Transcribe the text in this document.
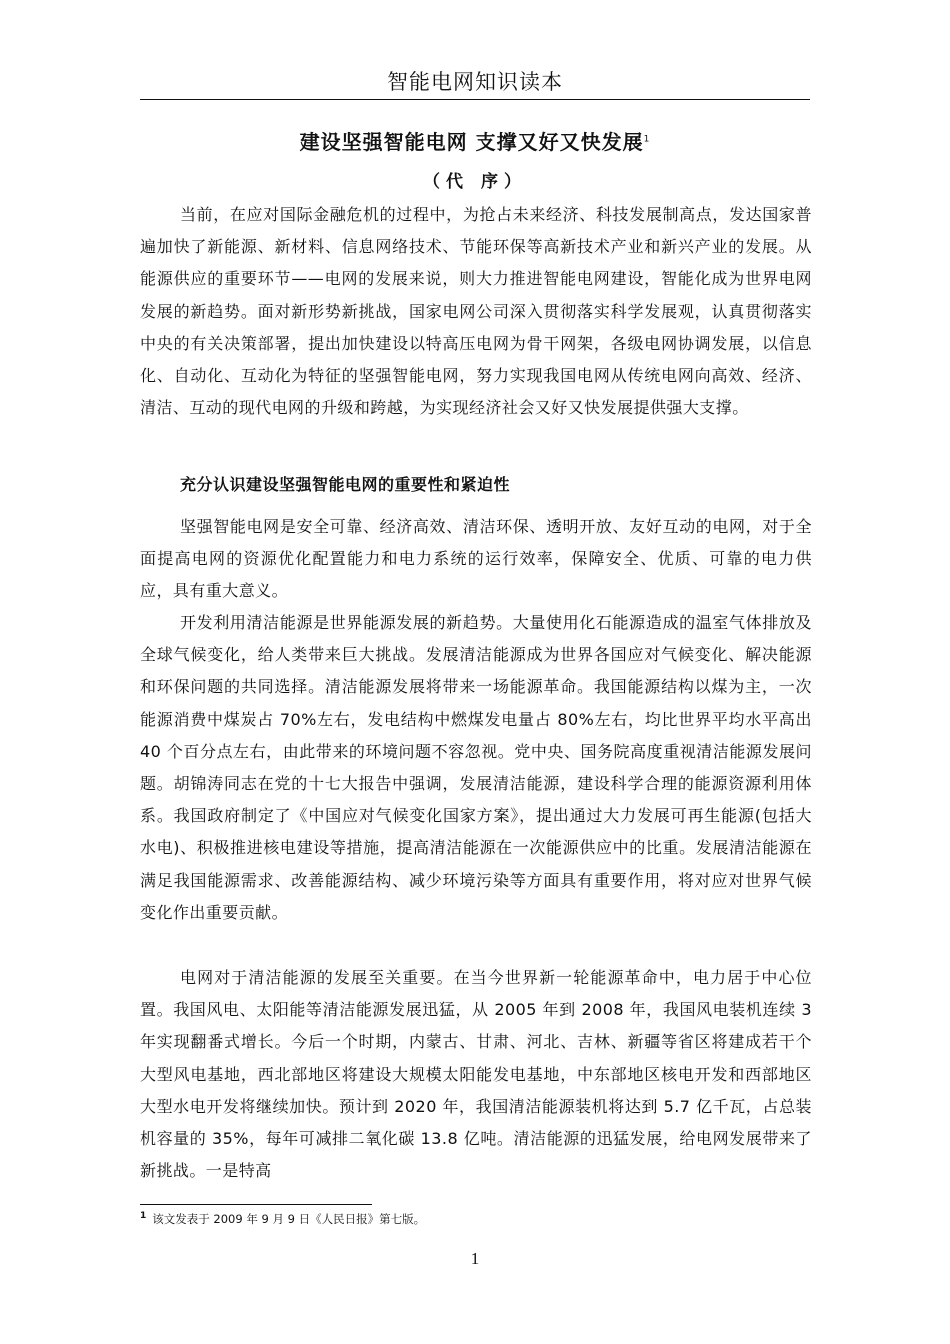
智能电网知识读本
建设坚强智能电网 支撑又好又快发展$^1$
（代 序）

当前，在应对国际金融危机的过程中，为抢占未来经济、科技发展制高点，发达国家普遍加快了新能源、新材料、信息网络技术、节能环保等高新技术产业和新兴产业的发展。从能源供应的重要环节——电网的发展来说，则大力推进智能电网建设，智能化成为世界电网发展的新趋势。面对新形势新挑战，国家电网公司深入贯彻落实科学发展观，认真贯彻落实中央的有关决策部署，提出加快建设以特高压电网为骨干网架，各级电网协调发展，以信息化、自动化、互动化为特征的坚强智能电网，努力实现我国电网从传统电网向高效、经济、清洁、互动的现代电网的升级和跨越，为实现经济社会又好又快发展提供强大支撑。

充分认识建设坚强智能电网的重要性和紧迫性

坚强智能电网是安全可靠、经济高效、清洁环保、透明开放、友好互动的电网，对于全面提高电网的资源优化配置能力和电力系统的运行效率，保障安全、优质、可靠的电力供应，具有重大意义。

开发利用清洁能源是世界能源发展的新趋势。大量使用化石能源造成的温室气体排放及全球气候变化，给人类带来巨大挑战。发展清洁能源成为世界各国应对气候变化、解决能源和环保问题的共同选择。清洁能源发展将带来一场能源革命。我国能源结构以煤为主，一次能源消费中煤炭占 70%左右，发电结构中燃煤发电量占 80%左右，均比世界平均水平高出 40 个百分点左右，由此带来的环境问题不容忽视。党中央、国务院高度重视清洁能源发展问题。胡锦涛同志在党的十七大报告中强调，发展清洁能源，建设科学合理的能源资源利用体系。我国政府制定了《中国应对气候变化国家方案》，提出通过大力发展可再生能源(包括大水电)、积极推进核电建设等措施，提高清洁能源在一次能源供应中的比重。发展清洁能源在满足我国能源需求、改善能源结构、减少环境污染等方面具有重要作用，将对应对世界气候变化作出重要贡献。

电网对于清洁能源的发展至关重要。在当今世界新一轮能源革命中，电力居于中心位置。我国风电、太阳能等清洁能源发展迅猛，从 2005 年到 2008 年，我国风电装机连续 3 年实现翻番式增长。今后一个时期，内蒙古、甘肃、河北、吉林、新疆等省区将建成若干个大型风电基地，西北部地区将建设大规模太阳能发电基地，中东部地区核电开发和西部地区大型水电开发将继续加快。预计到 2020 年，我国清洁能源装机将达到 5.7 亿千瓦，占总装机容量的 35%，每年可减排二氧化碳 13.8 亿吨。清洁能源的迅猛发展，给电网发展带来了新挑战。一是特高

$^1$ 该文发表于 2009 年 9 月 9 日《人民日报》第七版。
1
